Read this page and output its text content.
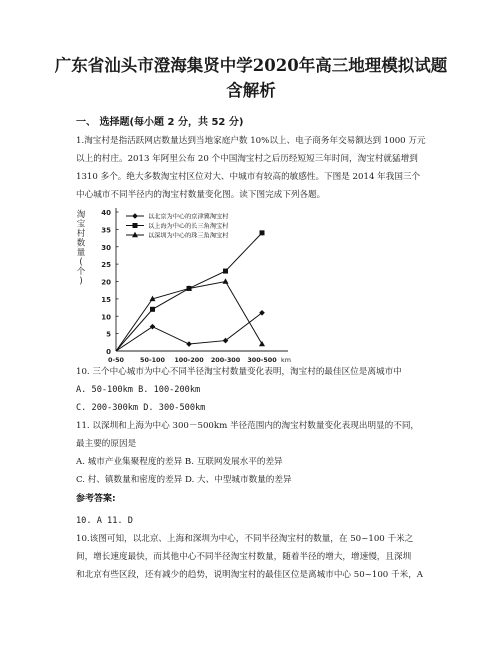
广东省汕头市澄海集贤中学2020年高三地理模拟试题
含解析
一、 选择题(每小题 2 分，共 52 分)
1.淘宝村是指活跃网店数量达到当地家庭户数 10%以上、电子商务年交易额达到 1000 万元
以上的村庄。2013 年阿里公布 20 个中国淘宝村之后历经短短三年时间，淘宝村就猛增到
1310 多个。绝大多数淘宝村区位对大、中城市有较高的敏感性。下图是 2014 年我国三个
中心城市不同半径内的淘宝村数量变化图。读下图完成下列各题。
淘
宝
村
数
量
(
个
)
0
5
10
15
20
25
30
35
40
0-50	50-100 100-200 200-300 300-500 km
以北京为中心的京津冀淘宝村
以上海为中心的长三角淘宝村
以深圳为中心的珠三角淘宝村
10. 三个中心城市为中心不同半径淘宝村数量变化表明，淘宝村的最佳区位是离城市中
A. 50-100km B. 100-200km
C. 200-300km D. 300-500km
11. 以深圳和上海为中心 300－500km 半径范围内的淘宝村数量变化表现出明显的不同，
最主要的原因是
A. 城市产业集聚程度的差异 B. 互联网发展水平的差异
C. 村、镇数量和密度的差异 D. 大、中型城市数量的差异
参考答案:
10. A 11. D
10.该图可知，以北京、上海和深圳为中心，不同半径淘宝村的数量，在 50~100 千米之
间，增长速度最快，而其他中心不同半径淘宝村数量，随着半径的增大，增速慢，且深圳
和北京有些区段，还有减少的趋势，说明淘宝村的最佳区位是离城市中心 50~100 千米，A
